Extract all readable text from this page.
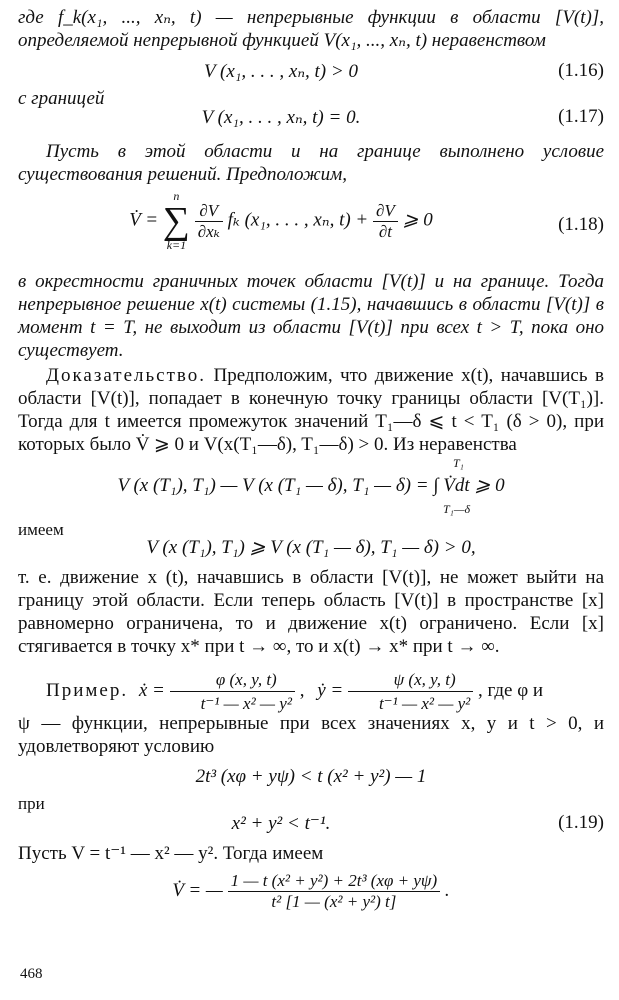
где f_k(x₁, ..., xₙ, t) — непрерывные функции в области [V(t)], определяемой непрерывной функцией V(x₁, ..., xₙ, t) неравенством

V (x₁, . . . , xₙ, t) > 0	(1.16)
с границей
V (x₁, . . . , xₙ, t) = 0.	(1.17)

Пусть в этой области и на границе выполнено условие существования решений. Предположим,

V̇ =
n
∑
k=1

$\frac{\partial V}{\text{∂xₖ}}$ fₖ (x₁, . . . , xₙ, $t) + \frac{\partial V}{\partial t}$ ⩾ 0	(1.18)

в окрестности граничных точек области [V(t)] и на границе. Тогда непрерывное решение x(t) системы (1.15), начавшись в области [V(t)] в момент t = T, не выходит из области [V(t)] при всех t > T, пока оно существует.

Доказательство. Предположим, что движение x(t), начавшись в области [V(t)], попадает в конечную точку границы области [V(T₁)]. Тогда для t имеется промежуток значений T₁—δ ⩽ t < T₁ (δ > 0), при которых было V̇ ⩾ 0 и V(x(T₁—δ), T₁—δ) > 0. Из неравенства

V (x (T₁), T₁) — V (x (T₁ — δ), T₁ — δ) = ∫ V̇dt ⩾ 0
T₁
T₁—δ
имеем
V (x (T₁), T₁) ⩾ V (x (T₁ — δ), T₁ — δ) > 0,

т. е. движение x (t), начавшись в области [V(t)], не может выйти на границу этой области. Если теперь область [V(t)] в пространстве [x] равномерно ограничена, то и движение x(t) ограничено. Если [x] стягивается в точку x* при t → ∞, то и x(t) → x* при t → ∞.

Пример. ẋ = $\frac{\varphi (x, y, t)}{\text{t⁻¹ — x² — y²}}$ , ẏ = $\frac{\psi (x, y, t)}{\text{t⁻¹ — x² — y²}}$ , где φ и

ψ — функции, непрерывные при всех значениях x, y и t > 0, и удовлетворяют условию

2t³ (xφ + yψ) < t (x² + y²) — 1
при
x² + y² < t⁻¹.	(1.19)

Пусть V = t⁻¹ — x² — y². Тогда имеем

V̇ = — $\frac{\text{1 — t (x² + y²) + 2t³ (xφ + yψ)}}{\text{t² [1 — (x² + y²) t]}}$ .
468
